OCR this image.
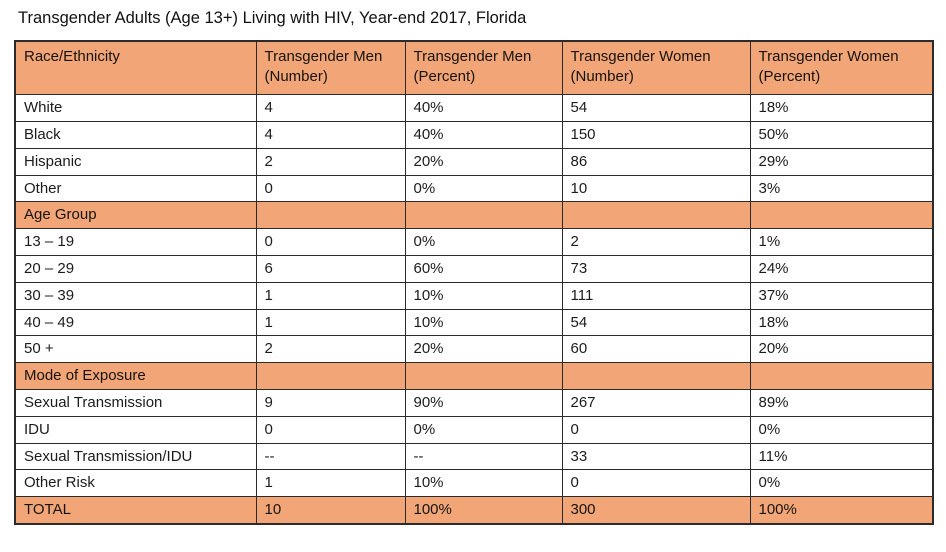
Transgender Adults (Age 13+) Living with HIV, Year-end 2017, Florida
Race/Ethnicity	Transgender Men (Number)	Transgender Men (Percent)	Transgender Women (Number)	Transgender Women (Percent)
White	4	40%	54	18%
Black	4	40%	150	50%
Hispanic	2	20%	86	29%
Other	0	0%	10	3%
Age Group				
13 – 19	0	0%	2	1%
20 – 29	6	60%	73	24%
30 – 39	1	10%	111	37%
40 – 49	1	10%	54	18%
50 +	2	20%	60	20%
Mode of Exposure				
Sexual Transmission	9	90%	267	89%
IDU	0	0%	0	0%
Sexual Transmission/IDU	--	--	33	11%
Other Risk	1	10%	0	0%
TOTAL	10	100%	300	100%
